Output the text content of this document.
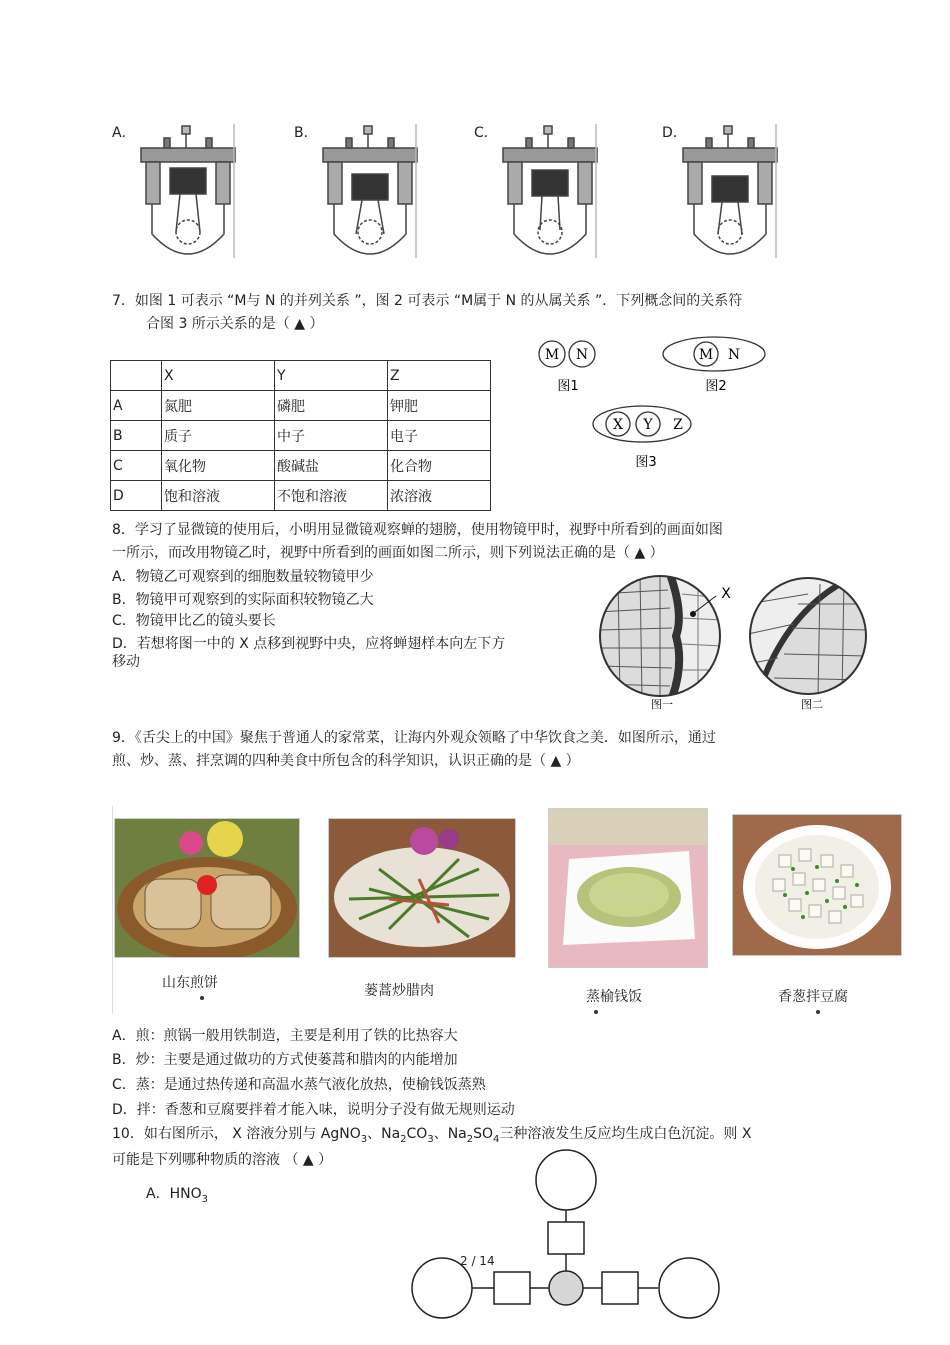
A．	B．	C．	D．
7．如图 1 可表示 “M与 N 的并列关系 ”，图 2 可表示 “M属于 N 的从属关系 ”．下列概念间的关系符
合图 3 所示关系的是（ ▲ ）
	X	Y	Z
A	氮肥	磷肥	钾肥
B	质子	中子	电子
C	氧化物	酸碱盐	化合物
D	饱和溶液	不饱和溶液	浓溶液
M N
图1
M N
图2
X Y Z
图3
8．学习了显微镜的使用后，小明用显微镜观察蝉的翅膀，使用物镜甲时，视野中所看到的画面如图
一所示，而改用物镜乙时，视野中所看到的画面如图二所示，则下列说法正确的是（ ▲ ）
A．物镜乙可观察到的细胞数量较物镜甲少
B．物镜甲可观察到的实际面积较物镜乙大
C．物镜甲比乙的镜头要长
D．若想将图一中的 X 点移到视野中央，应将蝉翅样本向左下方
移动
X
图一	图二
9．《舌尖上的中国》聚焦于普通人的家常菜，让海内外观众领略了中华饮食之美．如图所示，通过
煎、炒、蒸、拌烹调的四种美食中所包含的科学知识，认识正确的是（ ▲ ）
山东煎饼	蒌蒿炒腊肉	蒸榆钱饭	香葱拌豆腐
A．煎：煎锅一般用铁制造，主要是利用了铁的比热容大
B．炒：主要是通过做功的方式使蒌蒿和腊肉的内能增加
C．蒸：是通过热传递和高温水蒸气液化放热，使榆钱饭蒸熟
D．拌：香葱和豆腐要拌着才能入味，说明分子没有做无规则运动
10．如右图所示， X 溶液分别与 AgNO$_3$、$Na_2CO_3$、$Na_2SO_4$三种溶液发生反应均生成白色沉淀。则 X
可能是下列哪种物质的溶液 （ ▲ ）
A．$HNO_3$
2 / 14
